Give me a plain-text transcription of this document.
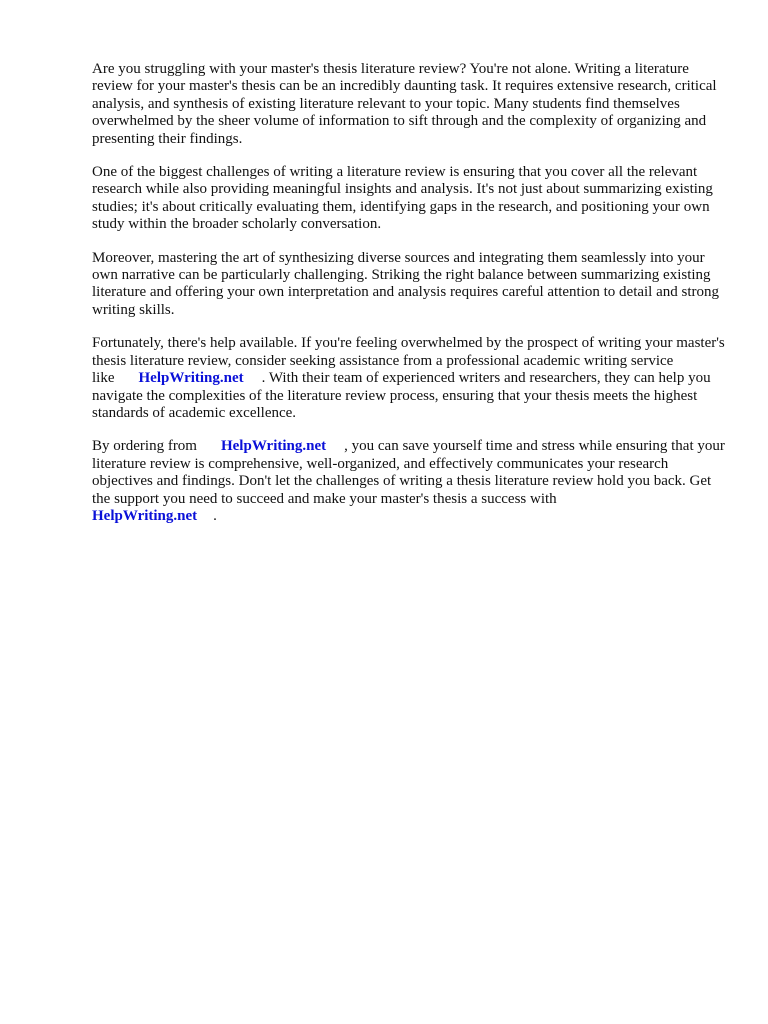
Are you struggling with your master's thesis literature review? You're not alone. Writing a literature review for your master's thesis can be an incredibly daunting task. It requires extensive research, critical analysis, and synthesis of existing literature relevant to your topic. Many students find themselves overwhelmed by the sheer volume of information to sift through and the complexity of organizing and presenting their findings.

One of the biggest challenges of writing a literature review is ensuring that you cover all the relevant research while also providing meaningful insights and analysis. It's not just about summarizing existing studies; it's about critically evaluating them, identifying gaps in the research, and positioning your own study within the broader scholarly conversation.

Moreover, mastering the art of synthesizing diverse sources and integrating them seamlessly into your own narrative can be particularly challenging. Striking the right balance between summarizing existing literature and offering your own interpretation and analysis requires careful attention to detail and strong writing skills.

Fortunately, there's help available. If you're feeling overwhelmed by the prospect of writing your master's thesis literature review, consider seeking assistance from a professional academic writing service like HelpWriting.net . With their team of experienced writers and researchers, they can help you navigate the complexities of the literature review process, ensuring that your thesis meets the highest standards of academic excellence.

By ordering from HelpWriting.net , you can save yourself time and stress while ensuring that your literature review is comprehensive, well-organized, and effectively communicates your research objectives and findings. Don't let the challenges of writing a thesis literature review hold you back. Get the support you need to succeed and make your master's thesis a success with
HelpWriting.net .
